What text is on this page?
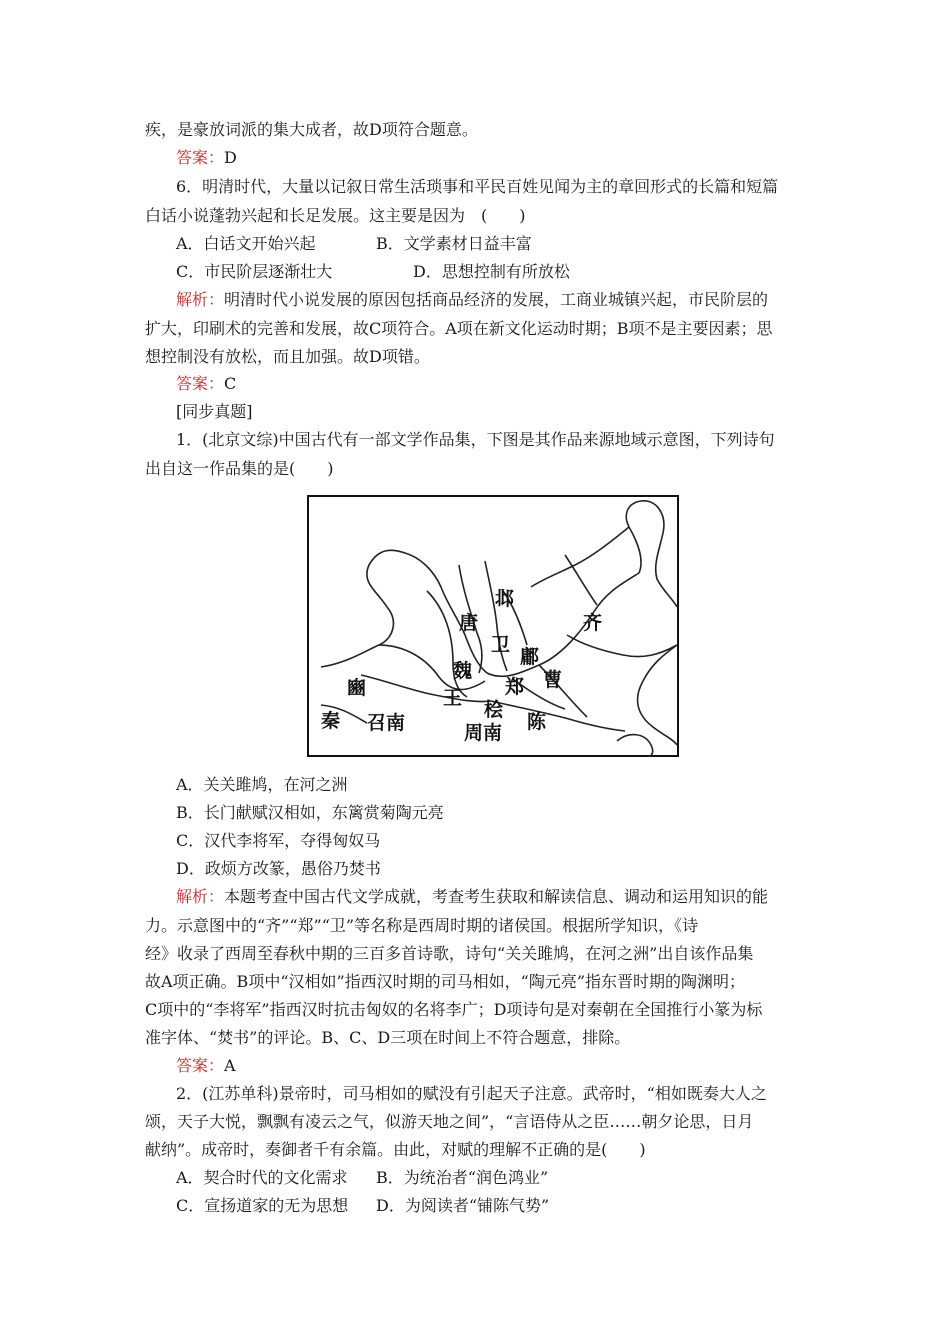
疾，是豪放词派的集大成者，故D项符合题意。
答案：D
6．明清时代，大量以记叙日常生活琐事和平民百姓见闻为主的章回形式的长篇和短篇
白话小说蓬勃兴起和长足发展。这主要是因为　(　　)
A．白话文开始兴起	B．文学素材日益丰富
C．市民阶层逐渐壮大	D．思想控制有所放松
解析：明清时代小说发展的原因包括商品经济的发展，工商业城镇兴起，市民阶层的
扩大，印刷术的完善和发展，故C项符合。A项在新文化运动时期；B项不是主要因素；思
想控制没有放松，而且加强。故D项错。
答案：C
[同步真题]
1．(北京文综)中国古代有一部文学作品集，下图是其作品来源地域示意图，下列诗句
出自这一作品集的是(　　)
邶
齐
唐
卫
鄘
魏
郑 曹
豳	王
桧
秦 召南	周南 陈
A．关关雎鸠，在河之洲
B．长门献赋汉相如，东篱赏菊陶元亮
C．汉代李将军，夺得匈奴马
D．政烦方改篆，愚俗乃焚书
解析：本题考查中国古代文学成就，考查考生获取和解读信息、调动和运用知识的能
力。示意图中的“齐”“郑”“卫”等名称是西周时期的诸侯国。根据所学知识，《诗
经》收录了西周至春秋中期的三百多首诗歌，诗句“关关雎鸠，在河之洲”出自该作品集
故A项正确。B项中“汉相如”指西汉时期的司马相如，“陶元亮”指东晋时期的陶渊明；
C项中的“李将军”指西汉时抗击匈奴的名将李广；D项诗句是对秦朝在全国推行小篆为标
准字体、“焚书”的评论。B、C、D三项在时间上不符合题意，排除。
答案：A
2．(江苏单科)景帝时，司马相如的赋没有引起天子注意。武帝时，“相如既奏大人之
颂，天子大悦，飘飘有凌云之气，似游天地之间”，“言语侍从之臣……朝夕论思，日月
献纳”。成帝时，奏御者千有余篇。由此，对赋的理解不正确的是(　　)
A．契合时代的文化需求 B．为统治者“润色鸿业”
C．宣扬道家的无为思想 D．为阅读者“铺陈气势”
